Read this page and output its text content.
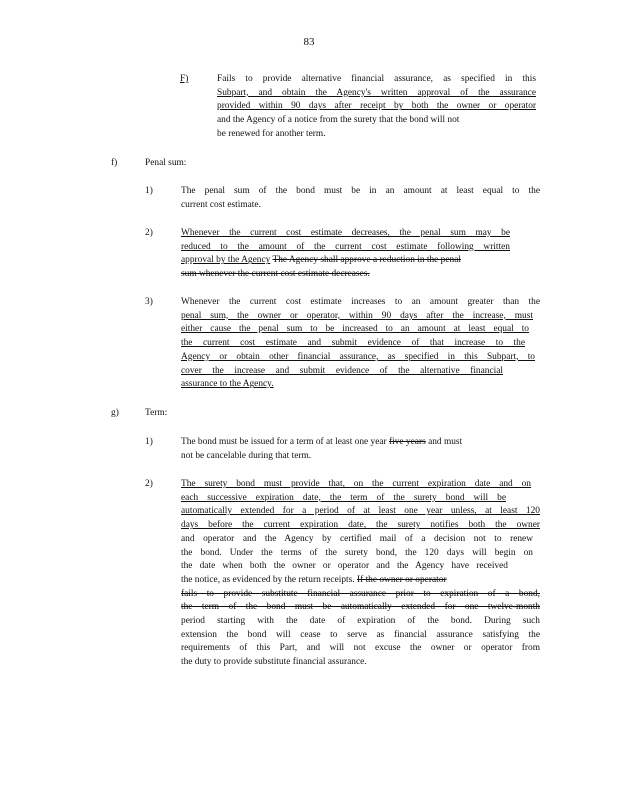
83
F)	Fails to provide alternative financial assurance, as specified in this
Subpart, and obtain the Agency's written approval of the assurance
provided within 90 days after receipt by both the owner or operator
and the Agency of a notice from the surety that the bond will not
be renewed for another term.
f)	Penal sum:
1)	The penal sum of the bond must be in an amount at least equal to the
current cost estimate.
2)	Whenever the current cost estimate decreases, the penal sum may be
reduced to the amount of the current cost estimate following written
approval by the Agency The Agency shall approve a reduction in the penal
sum whenever the current cost estimate decreases.
3)	Whenever the current cost estimate increases to an amount greater than the
penal sum, the owner or operator, within 90 days after the increase, must
either cause the penal sum to be increased to an amount at least equal to
the current cost estimate and submit evidence of that increase to the
Agency or obtain other financial assurance, as specified in this Subpart, to
cover the increase and submit evidence of the alternative financial
assurance to the Agency.
g)	Term:
1)	The bond must be issued for a term of at least one year five years and must
not be cancelable during that term.
2)	The surety bond must provide that, on the current expiration date and on
each successive expiration date, the term of the surety bond will be
automatically extended for a period of at least one year unless, at least 120
days before the current expiration date, the surety notifies both the owner
and operator and the Agency by certified mail of a decision not to renew
the bond. Under the terms of the surety bond, the 120 days will begin on
the date when both the owner or operator and the Agency have received
the notice, as evidenced by the return receipts. If the owner or operator
fails to provide substitute financial assurance prior to expiration of a bond,
the term of the bond must be automatically extended for one twelve-month
period starting with the date of expiration of the bond. During such
extension the bond will cease to serve as financial assurance satisfying the
requirements of this Part, and will not excuse the owner or operator from
the duty to provide substitute financial assurance.
